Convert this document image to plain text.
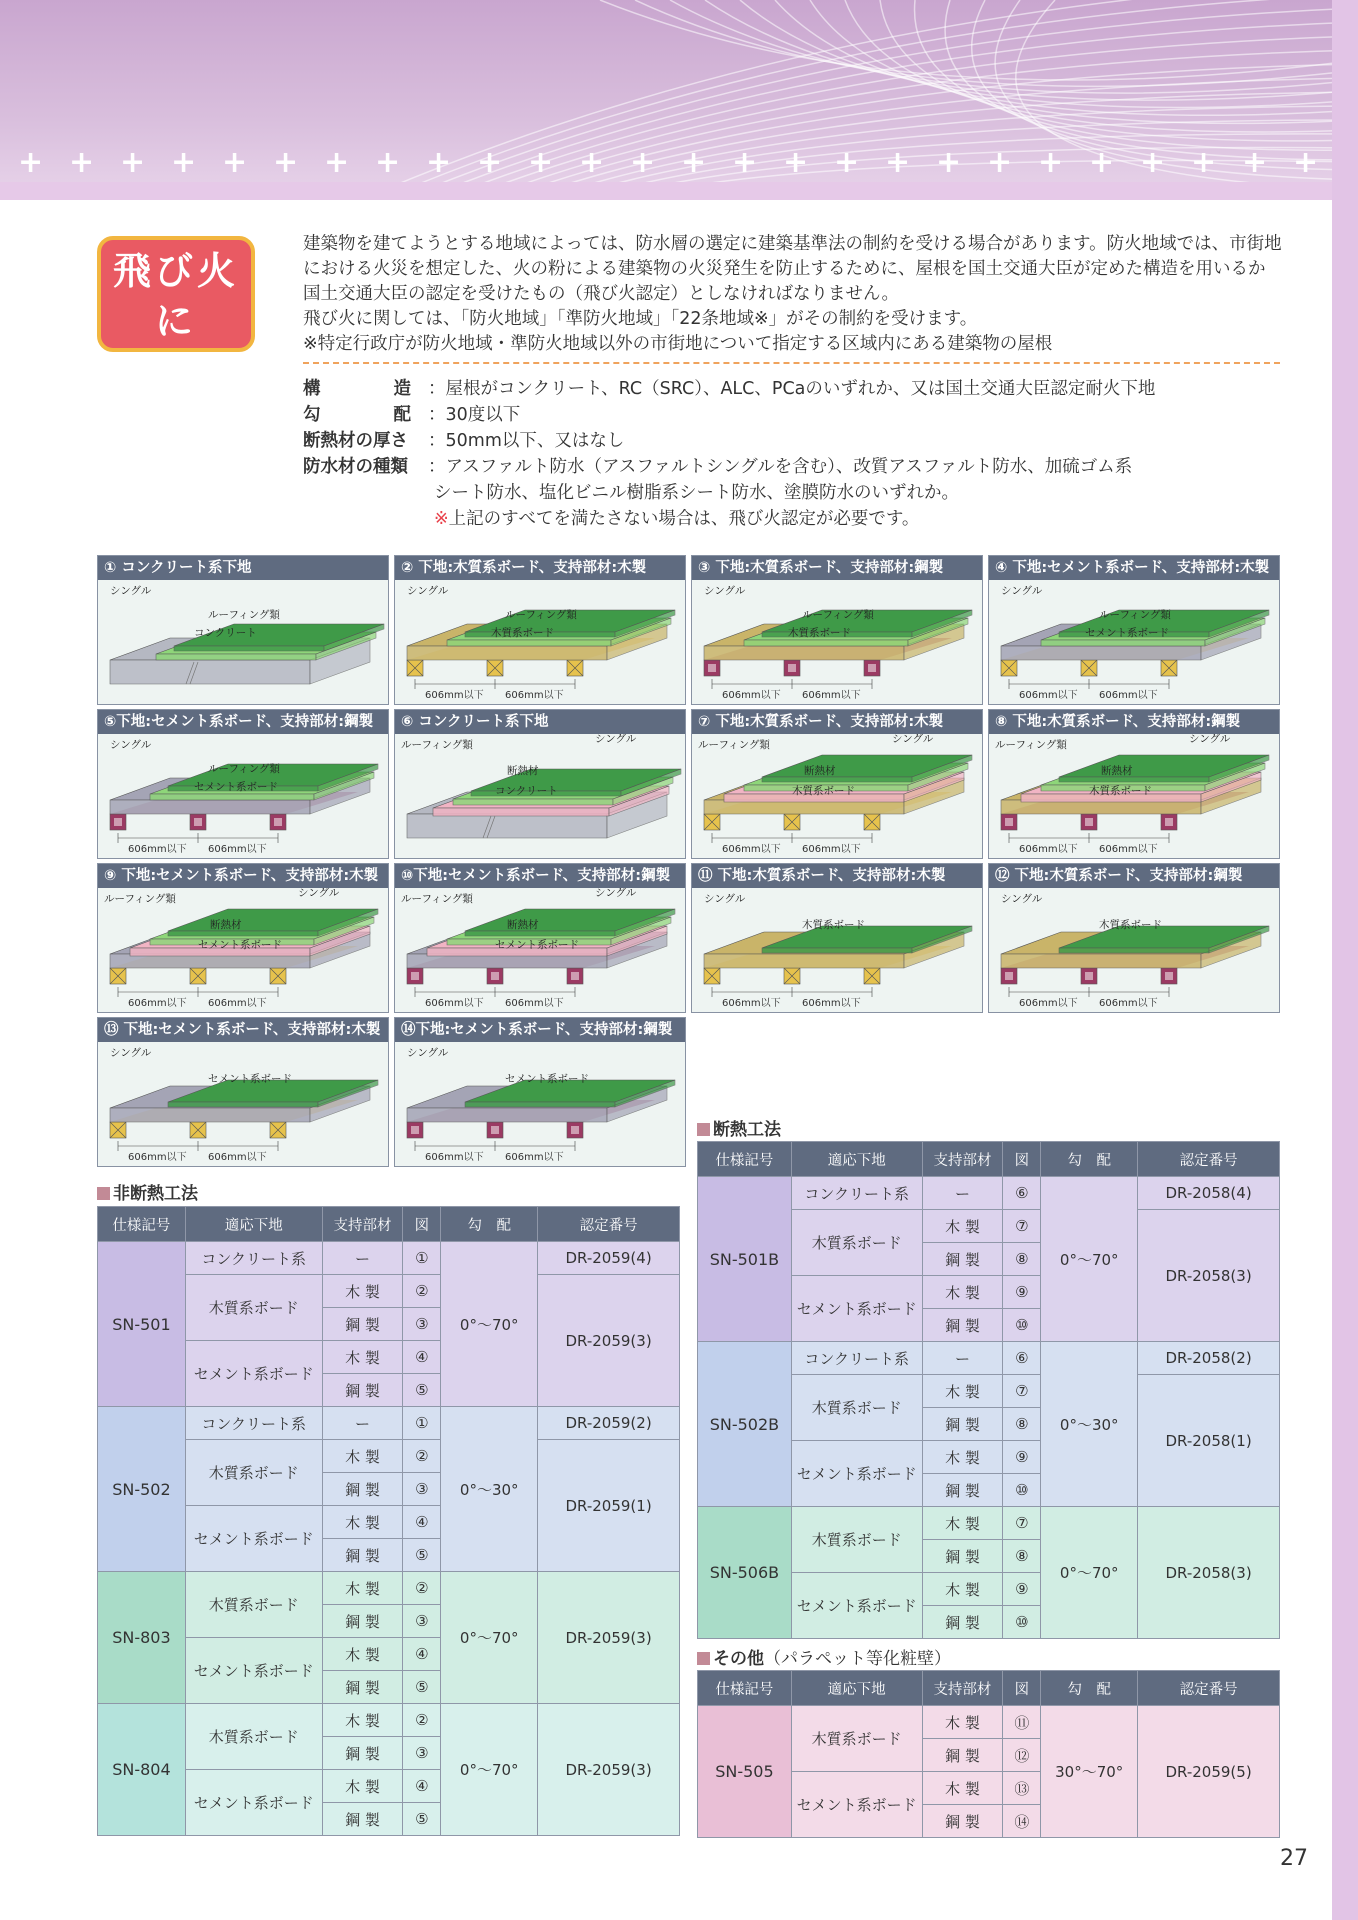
+ + + + + + + + + + + + + + + + + + + + + + + + + +
飛び火に
ついて

建築物を建てようとする地域によっては、防水層の選定に建築基準法の制約を受ける場合があります。防火地域では、市街地

における火災を想定した、火の粉による建築物の火災発生を防止するために、屋根を国土交通大臣が定めた構造を用いるか

国土交通大臣の認定を受けたもの（飛び火認定）としなければなりません。

飛び火に関しては、「防火地域」「準防火地域」「22条地域※」がその制約を受けます。

※特定行政庁が防火地域・準防火地域以外の市街地について指定する区域内にある建築物の屋根

構	造 ：屋根がコンクリート、RC（SRC）、ALC、PCaのいずれか、又は国土交通大臣認定耐火下地
勾	配 ：30度以下
断熱材の厚さ	：50mm以下、又はなし
防水材の種類	：アスファルト防水（アスファルトシングルを含む）、改質アスファルト防水、加硫ゴム系
シート防水、塩化ビニル樹脂系シート防水、塗膜防水のいずれか。
※上記のすべてを満たさない場合は、飛び火認定が必要です。
① コンクリート系下地
シングル
ルーフィング類
コンクリート
② 下地:木質系ボード、支持部材:木製
606mm以下 606mm以下
シングル
ルーフィング類
木質系ボード
③ 下地:木質系ボード、支持部材:鋼製
606mm以下 606mm以下
シングル
ルーフィング類
木質系ボード
④ 下地:セメント系ボード、支持部材:木製
606mm以下 606mm以下
シングル
ルーフィング類
セメント系ボード
⑤下地:セメント系ボード、支持部材:鋼製
606mm以下 606mm以下
シングル
ルーフィング類
セメント系ボード
⑥ コンクリート系下地
ルーフィング類	シングル
断熱材
コンクリート
⑦ 下地:木質系ボード、支持部材:木製
606mm以下 606mm以下
ルーフィング類	シングル
断熱材
木質系ボード
⑧ 下地:木質系ボード、支持部材:鋼製
606mm以下 606mm以下
ルーフィング類	シングル
断熱材
木質系ボード
⑨ 下地:セメント系ボード、支持部材:木製
606mm以下 606mm以下
ルーフィング類	シングル
断熱材
セメント系ボード
⑩下地:セメント系ボード、支持部材:鋼製
606mm以下 606mm以下
ルーフィング類	シングル
断熱材
セメント系ボード
⑪ 下地:木質系ボード、支持部材:木製
606mm以下 606mm以下
シングル
木質系ボード
⑫ 下地:木質系ボード、支持部材:鋼製
606mm以下 606mm以下
シングル
木質系ボード
⑬ 下地:セメント系ボード、支持部材:木製
606mm以下 606mm以下
シングル
セメント系ボード
⑭下地:セメント系ボード、支持部材:鋼製
606mm以下 606mm以下
シングル
セメント系ボード
非断熱工法
仕様記号	適応下地	支持部材	図	勾　配	認定番号
SN-501	コンクリート系	ー	①	0°〜70°	DR-2059(4)
	木質系ボード	木 製	②		DR-2059(3)
		鋼 製	③		
	セメント系ボード	木 製	④		
		鋼 製	⑤		
SN-502	コンクリート系	ー	①	0°〜30°	DR-2059(2)
	木質系ボード	木 製	②		DR-2059(1)
		鋼 製	③		
	セメント系ボード	木 製	④		
		鋼 製	⑤		
SN-803	木質系ボード	木 製	②	0°〜70°	DR-2059(3)
		鋼 製	③		
	セメント系ボード	木 製	④		
		鋼 製	⑤		
SN-804	木質系ボード	木 製	②	0°〜70°	DR-2059(3)
		鋼 製	③		
	セメント系ボード	木 製	④		
		鋼 製	⑤		
断熱工法
仕様記号	適応下地	支持部材	図	勾　配	認定番号
SN-501B	コンクリート系	ー	⑥	0°〜70°	DR-2058(4)
	木質系ボード	木 製	⑦		DR-2058(3)
		鋼 製	⑧		
	セメント系ボード	木 製	⑨		
		鋼 製	⑩		
SN-502B	コンクリート系	ー	⑥	0°〜30°	DR-2058(2)
	木質系ボード	木 製	⑦		DR-2058(1)
		鋼 製	⑧		
	セメント系ボード	木 製	⑨		
		鋼 製	⑩		
SN-506B	木質系ボード	木 製	⑦	0°〜70°	DR-2058(3)
		鋼 製	⑧		
	セメント系ボード	木 製	⑨		
		鋼 製	⑩		
その他（パラペット等化粧壁）
仕様記号	適応下地	支持部材	図	勾　配	認定番号
SN-505	木質系ボード	木 製	⑪	30°〜70°	DR-2059(5)
		鋼 製	⑫		
	セメント系ボード	木 製	⑬		
		鋼 製	⑭		
27
